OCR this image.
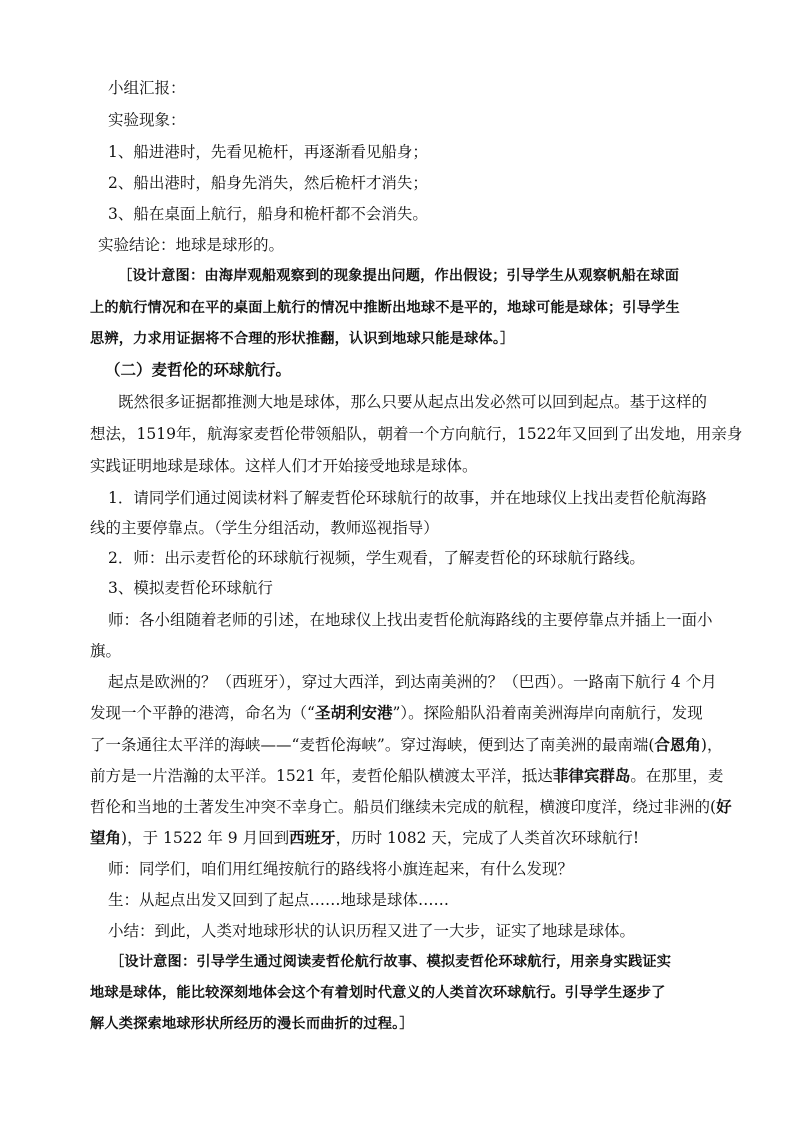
小组汇报：
实验现象：
1、船进港时，先看见桅杆，再逐渐看见船身；
2、船出港时，船身先消失，然后桅杆才消失；
3、船在桌面上航行，船身和桅杆都不会消失。
实验结论：地球是球形的。
［设计意图：由海岸观船观察到的现象提出问题，作出假设；引导学生从观察帆船在球面
上的航行情况和在平的桌面上航行的情况中推断出地球不是平的，地球可能是球体；引导学生
思辨，力求用证据将不合理的形状推翻，认识到地球只能是球体。］
（二）麦哲伦的环球航行。
既然很多证据都推测大地是球体，那么只要从起点出发必然可以回到起点。基于这样的
想法，1519年，航海家麦哲伦带领船队，朝着一个方向航行，1522年又回到了出发地，用亲身
实践证明地球是球体。这样人们才开始接受地球是球体。
1．请同学们通过阅读材料了解麦哲伦环球航行的故事，并在地球仪上找出麦哲伦航海路
线的主要停靠点。（学生分组活动，教师巡视指导）
2．师：出示麦哲伦的环球航行视频，学生观看，了解麦哲伦的环球航行路线。
3、模拟麦哲伦环球航行
师：各小组随着老师的引述，在地球仪上找出麦哲伦航海路线的主要停靠点并插上一面小
旗。
起点是欧洲的？（西班牙），穿过大西洋，到达南美洲的？（巴西）。一路南下航行 4 个月
发现一个平静的港湾，命名为（“圣胡利安港”）。探险船队沿着南美洲海岸向南航行，发现
了一条通往太平洋的海峡——“麦哲伦海峡”。穿过海峡，便到达了南美洲的最南端(合恩角)，
前方是一片浩瀚的太平洋。1521 年，麦哲伦船队横渡太平洋，抵达菲律宾群岛。在那里，麦
哲伦和当地的土著发生冲突不幸身亡。船员们继续未完成的航程，横渡印度洋，绕过非洲的(好
望角)，于 1522 年 9 月回到西班牙，历时 1082 天，完成了人类首次环球航行!
师：同学们，咱们用红绳按航行的路线将小旗连起来，有什么发现？
生：从起点出发又回到了起点……地球是球体……
小结：到此，人类对地球形状的认识历程又进了一大步，证实了地球是球体。
［设计意图：引导学生通过阅读麦哲伦航行故事、模拟麦哲伦环球航行，用亲身实践证实
地球是球体，能比较深刻地体会这个有着划时代意义的人类首次环球航行。引导学生逐步了
解人类探索地球形状所经历的漫长而曲折的过程。］
